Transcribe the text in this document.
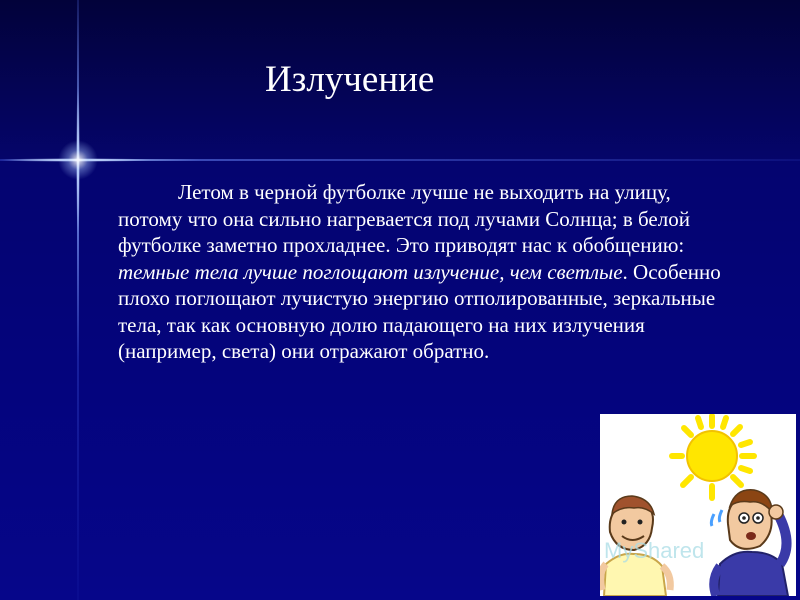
Излучение

Летом в черной футболке лучше не выходить на улицу, потому что она сильно нагревается под лучами Солнца; в белой футболке заметно прохладнее. Это приводят нас к обобщению: темные тела лучше поглощают излучение, чем светлые. Особенно плохо поглощают лучистую энергию отполированные, зеркальные тела, так как основную долю падающего на них излучения (например, света) они отражают обратно.

MyShared
